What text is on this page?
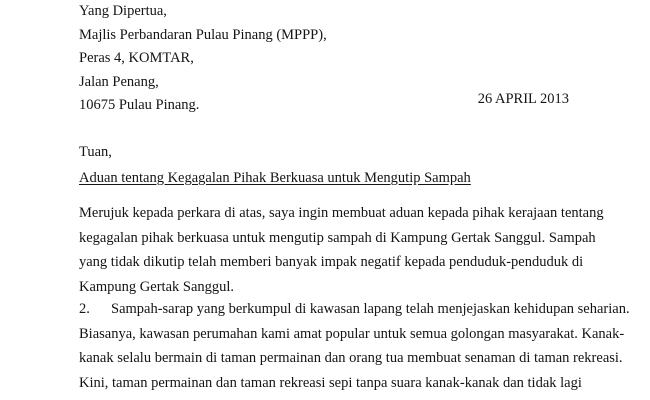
Yang Dipertua,
Majlis Perbandaran Pulau Pinang (MPPP),
Peras 4, KOMTAR,
Jalan Penang,
10675 Pulau Pinang.	26 APRIL 2013
Tuan,
Aduan tentang Kegagalan Pihak Berkuasa untuk Mengutip Sampah
Merujuk kepada perkara di atas, saya ingin membuat aduan kepada pihak kerajaan tentang
kegagalan pihak berkuasa untuk mengutip sampah di Kampung Gertak Sanggul. Sampah
yang tidak dikutip telah memberi banyak impak negatif kepada penduduk-penduduk di
Kampung Gertak Sanggul.
2. Sampah-sarap yang berkumpul di kawasan lapang telah menjejaskan kehidupan seharian.
Biasanya, kawasan perumahan kami amat popular untuk semua golongan masyarakat. Kanak-
kanak selalu bermain di taman permainan dan orang tua membuat senaman di taman rekreasi.
Kini, taman permainan dan taman rekreasi sepi tanpa suara kanak-kanak dan tidak lagi
